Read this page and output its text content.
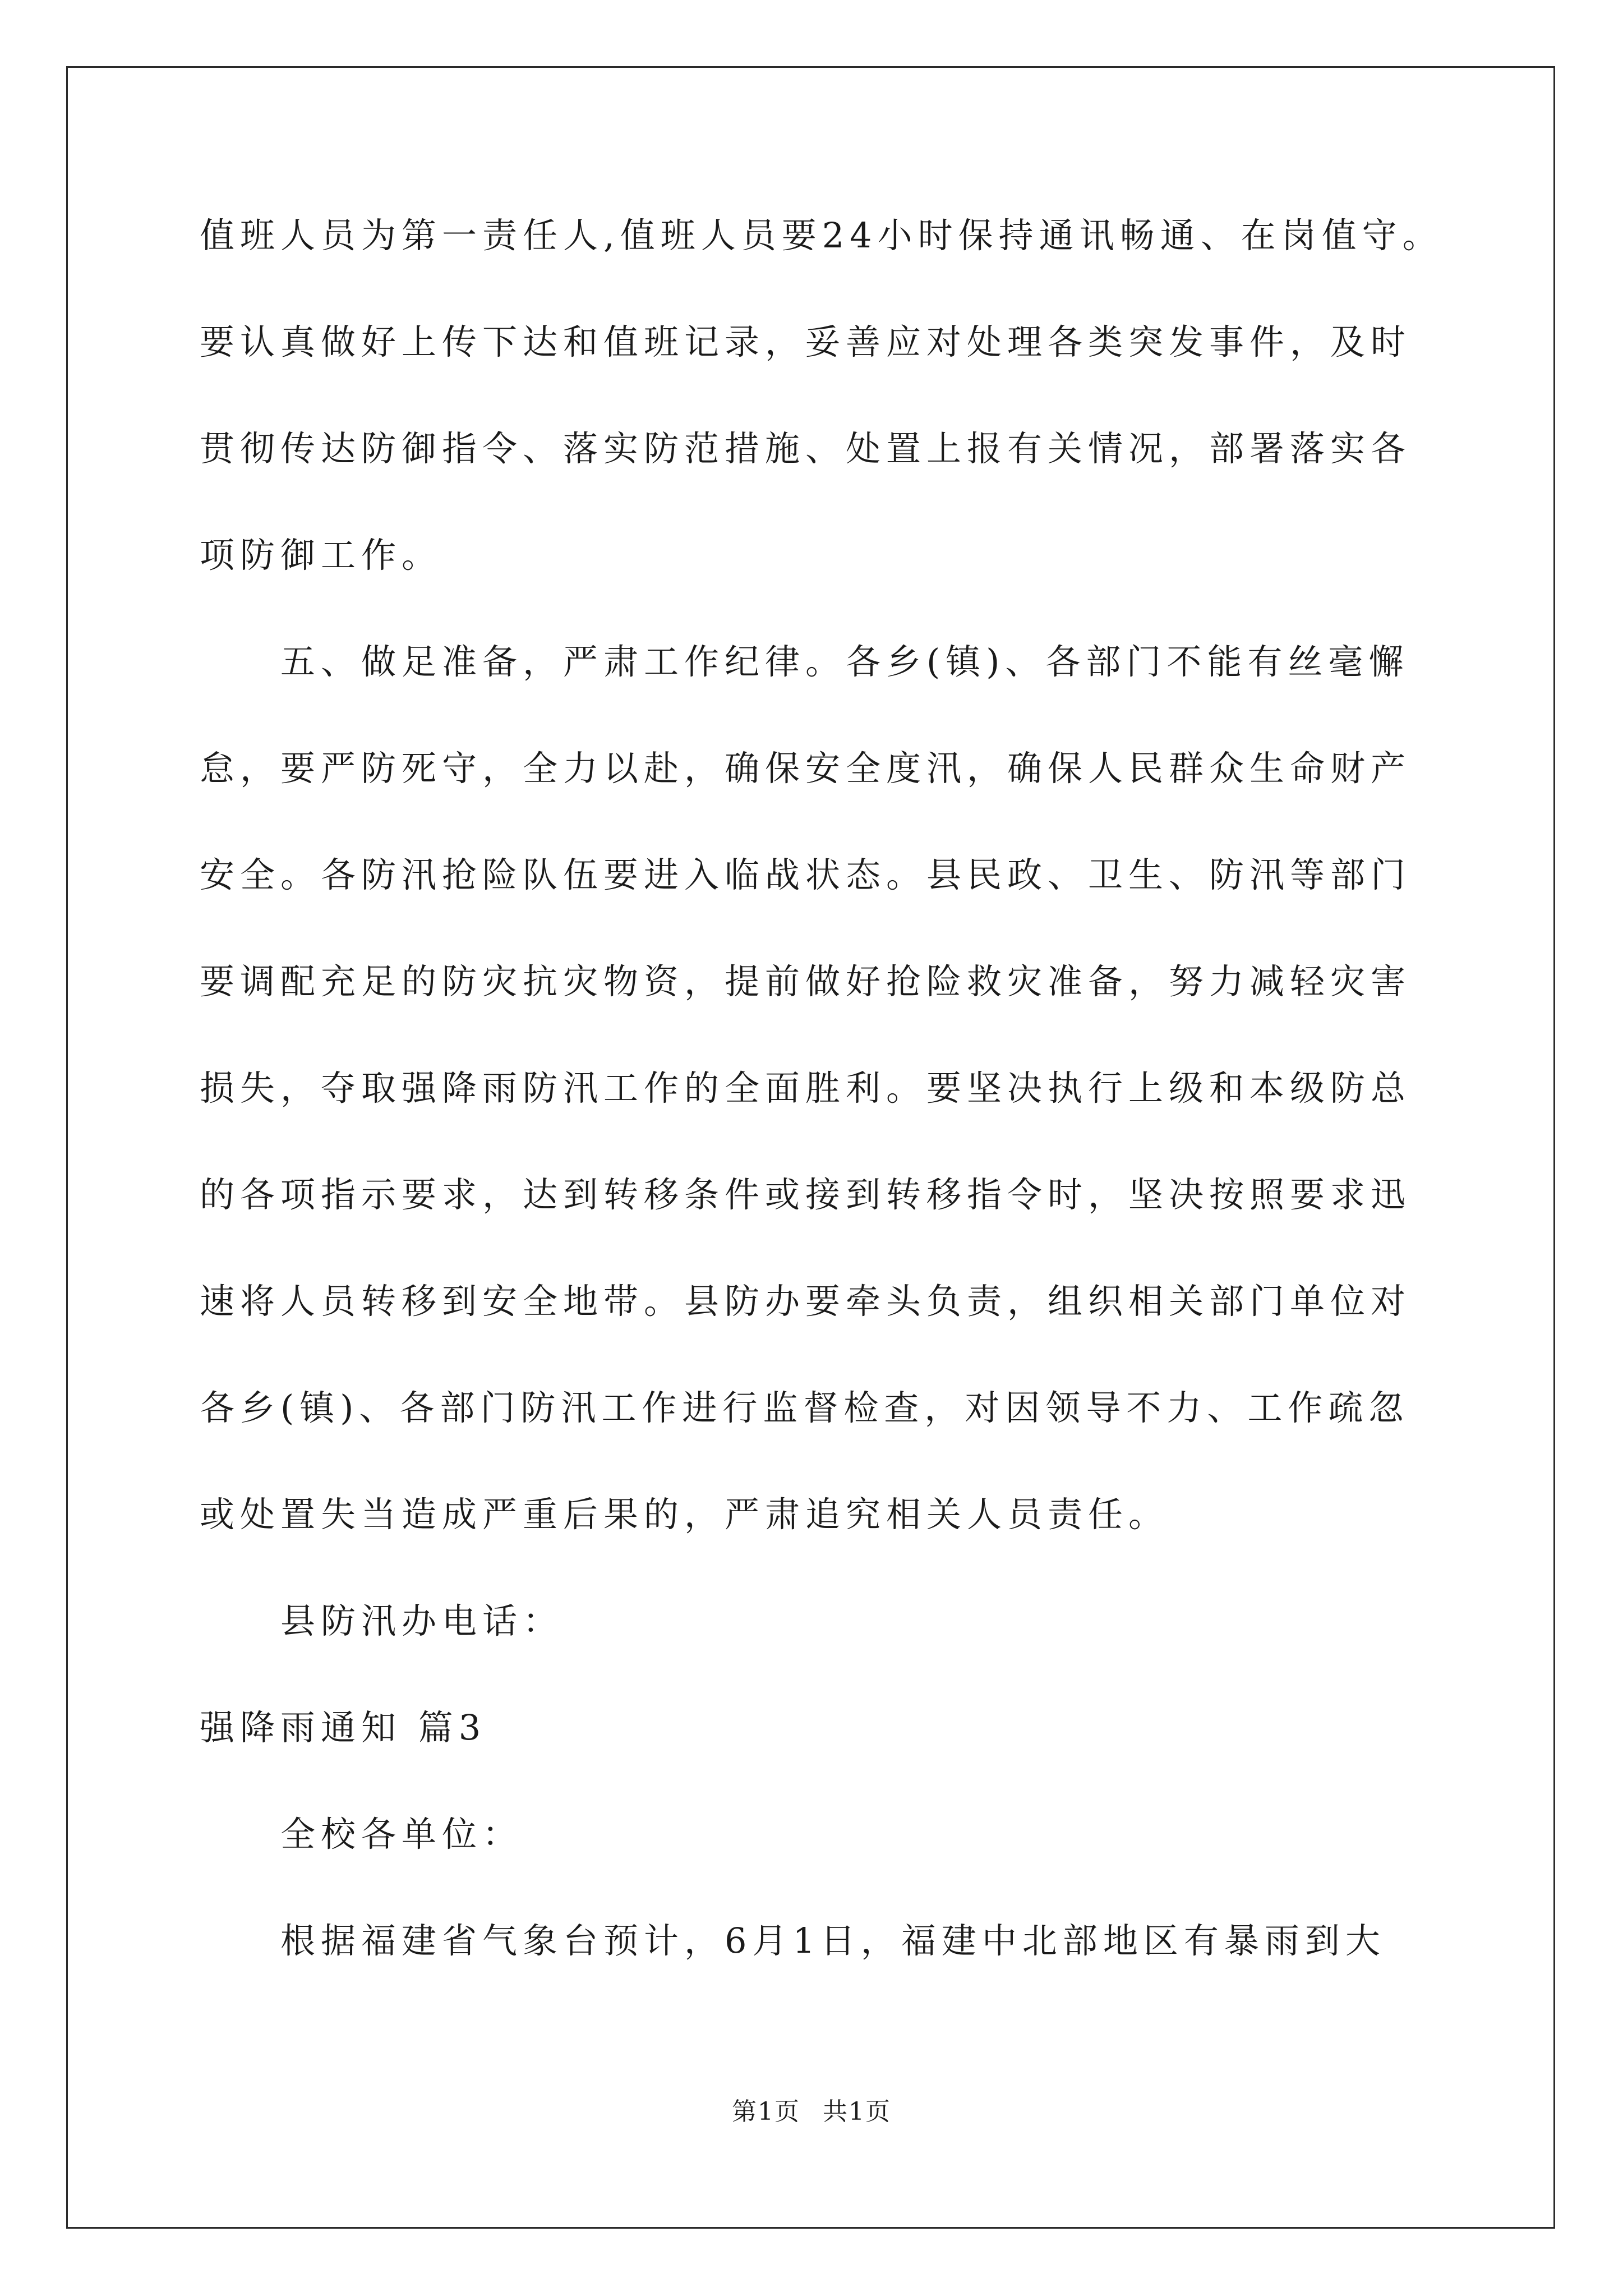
值班人员为第一责任人,值班人员要24小时保持通讯畅通、在岗值守。
要认真做好上传下达和值班记录，妥善应对处理各类突发事件，及时
贯彻传达防御指令、落实防范措施、处置上报有关情况，部署落实各
项防御工作。
五、做足准备，严肃工作纪律。各乡(镇)、各部门不能有丝毫懈
怠，要严防死守，全力以赴，确保安全度汛，确保人民群众生命财产
安全。各防汛抢险队伍要进入临战状态。县民政、卫生、防汛等部门
要调配充足的防灾抗灾物资，提前做好抢险救灾准备，努力减轻灾害
损失，夺取强降雨防汛工作的全面胜利。要坚决执行上级和本级防总
的各项指示要求，达到转移条件或接到转移指令时，坚决按照要求迅
速将人员转移到安全地带。县防办要牵头负责，组织相关部门单位对
各乡(镇)、各部门防汛工作进行监督检查，对因领导不力、工作疏忽
或处置失当造成严重后果的，严肃追究相关人员责任。
县防汛办电话：
强降雨通知 篇3
全校各单位：
根据福建省气象台预计，6月1日，福建中北部地区有暴雨到大
第1页 共1页
